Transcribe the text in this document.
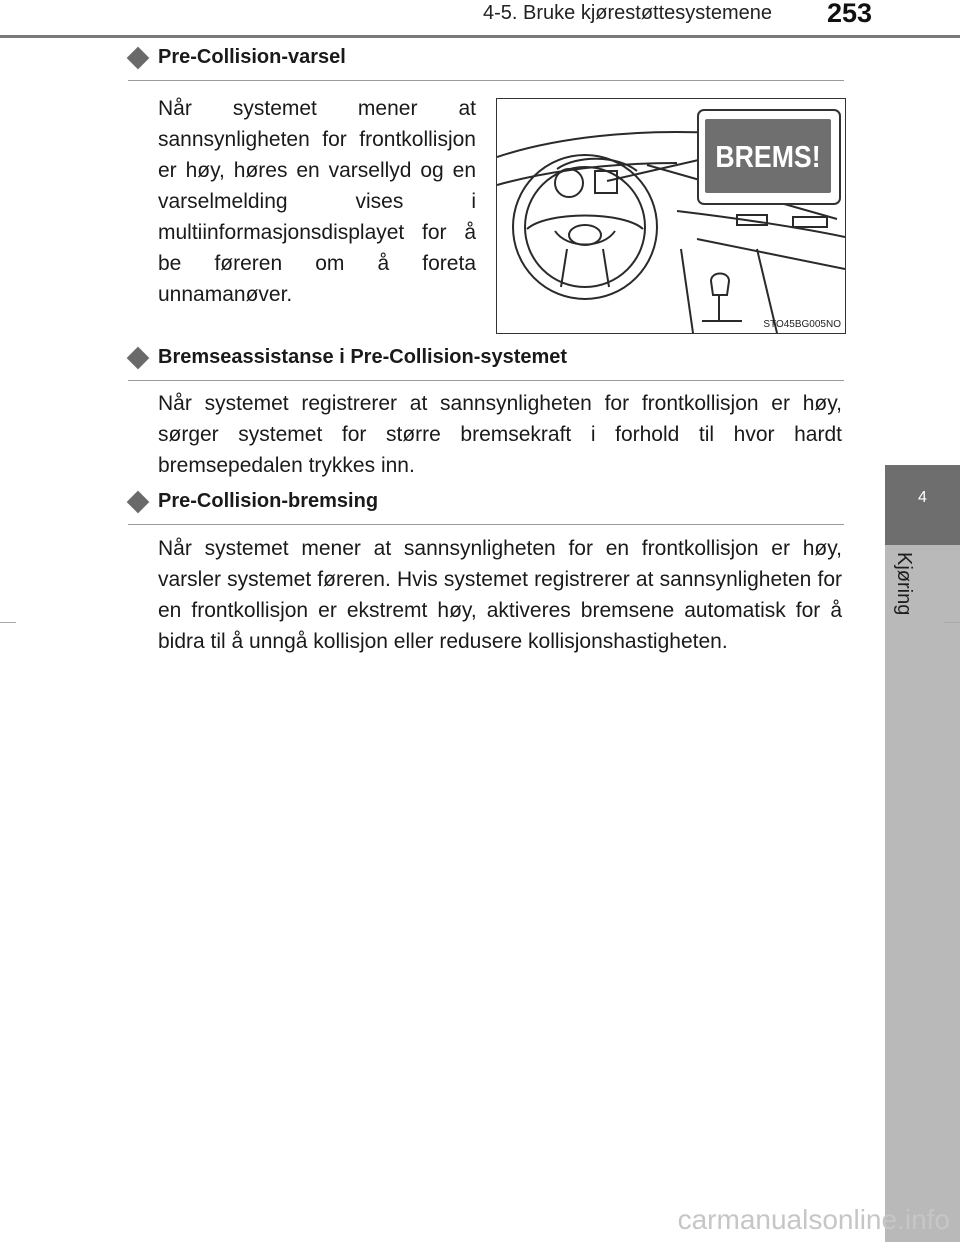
4-5. Bruke kjørestøttesystemene 253
4
Kjøring
Pre-Collision-varsel
Når systemet mener at sannsynligheten for frontkollisjon er høy, høres en varsellyd og en varselmelding vises i multiinformasjonsdisplayet for å be føreren om å foreta unnamanøver.
BREMS!
STO45BG005NO
Bremseassistanse i Pre-Collision-systemet
Når systemet registrerer at sannsynligheten for frontkollisjon er høy, sørger systemet for større bremsekraft i forhold til hvor hardt bremsepedalen trykkes inn.
Pre-Collision-bremsing
Når systemet mener at sannsynligheten for en frontkollisjon er høy, varsler systemet føreren. Hvis systemet registrerer at sannsynligheten for en frontkollisjon er ekstremt høy, aktiveres bremsene automatisk for å bidra til å unngå kollisjon eller redusere kollisjonshastigheten.
carmanualsonline.info
